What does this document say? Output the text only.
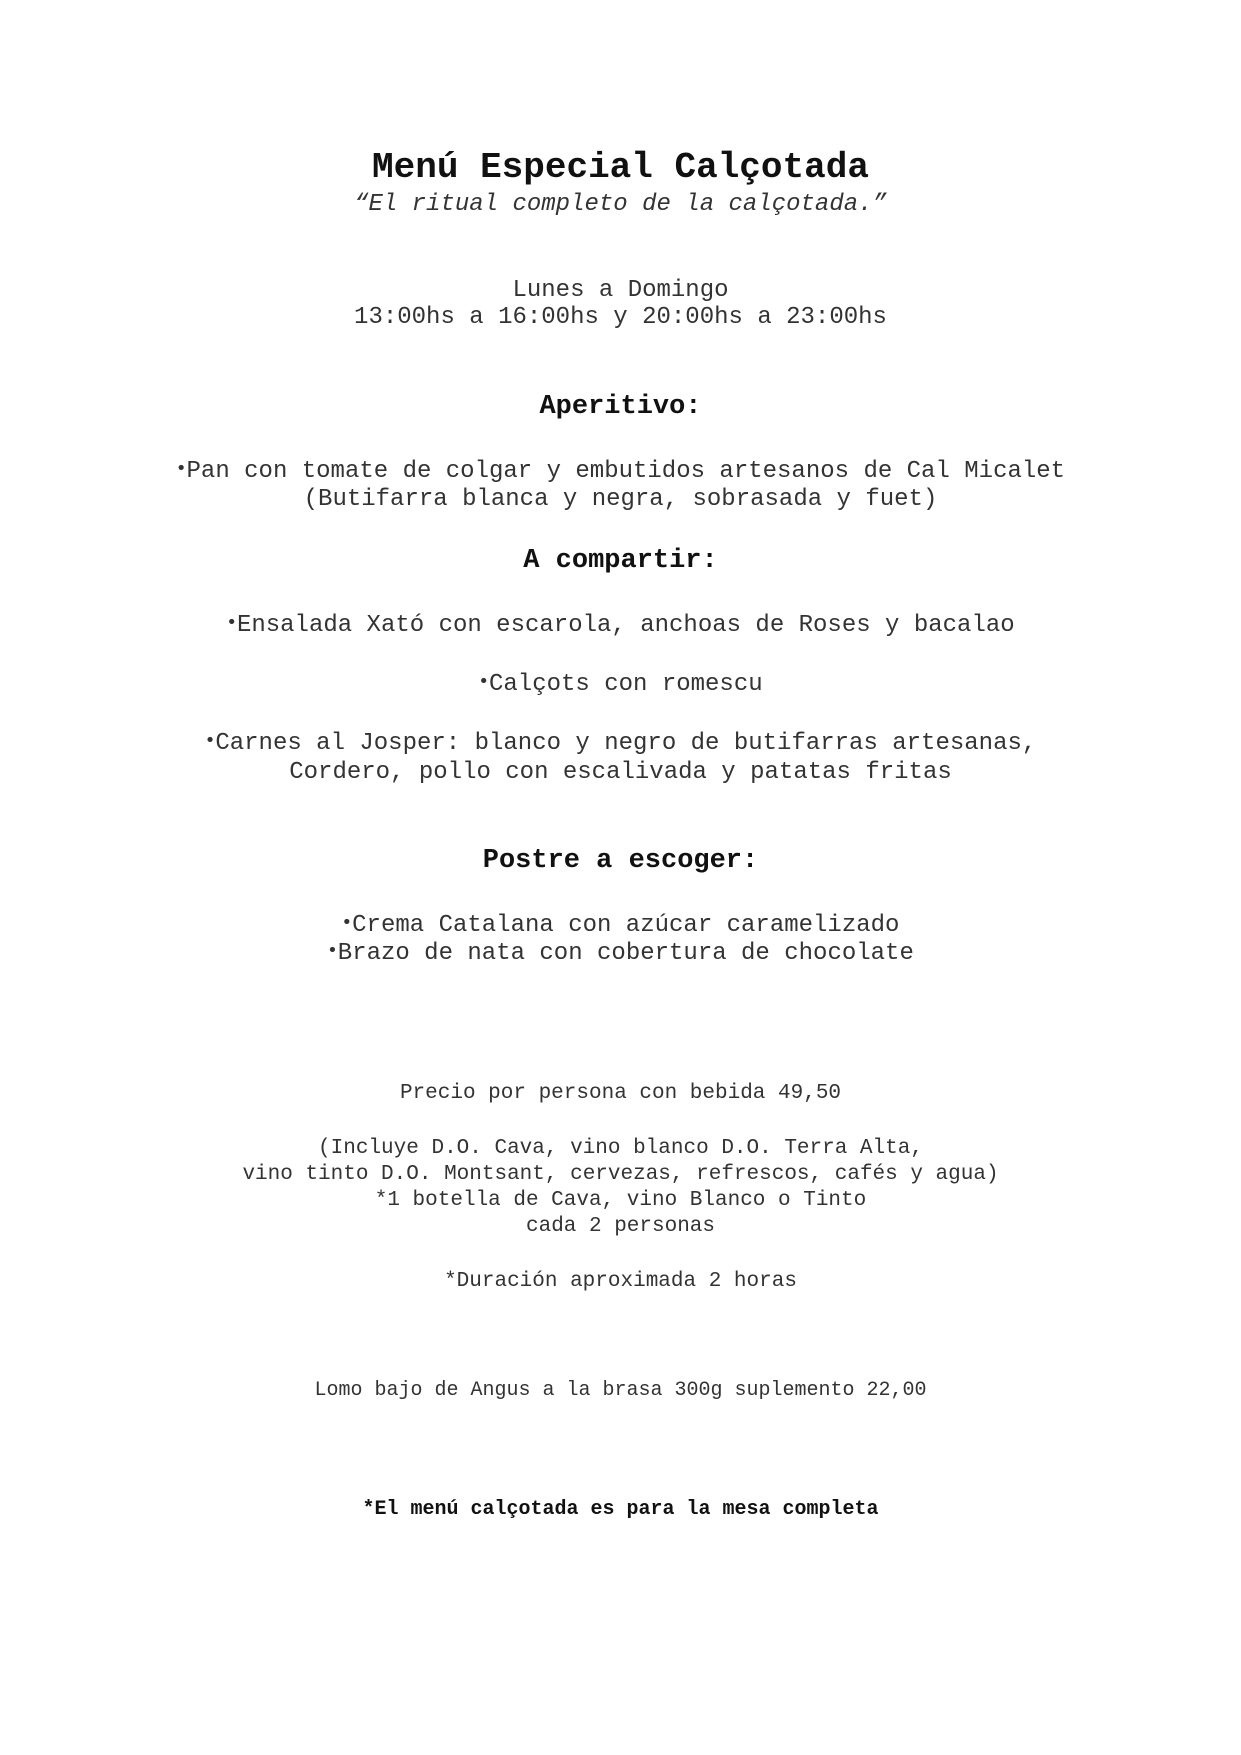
Menú Especial Calçotada
“El ritual completo de la calçotada.”
Lunes a Domingo
13:00hs a 16:00hs y 20:00hs a 23:00hs
Aperitivo:
•Pan con tomate de colgar y embutidos artesanos de Cal Micalet
(Butifarra blanca y negra, sobrasada y fuet)
A compartir:
•Ensalada Xató con escarola, anchoas de Roses y bacalao
•Calçots con romescu
•Carnes al Josper: blanco y negro de butifarras artesanas,
Cordero, pollo con escalivada y patatas fritas
Postre a escoger:
•Crema Catalana con azúcar caramelizado
•Brazo de nata con cobertura de chocolate
Precio por persona con bebida 49,50
(Incluye D.O. Cava, vino blanco D.O. Terra Alta,
vino tinto D.O. Montsant, cervezas, refrescos, cafés y agua)
*1 botella de Cava, vino Blanco o Tinto
cada 2 personas
*Duración aproximada 2 horas
Lomo bajo de Angus a la brasa 300g suplemento 22,00
*El menú calçotada es para la mesa completa
